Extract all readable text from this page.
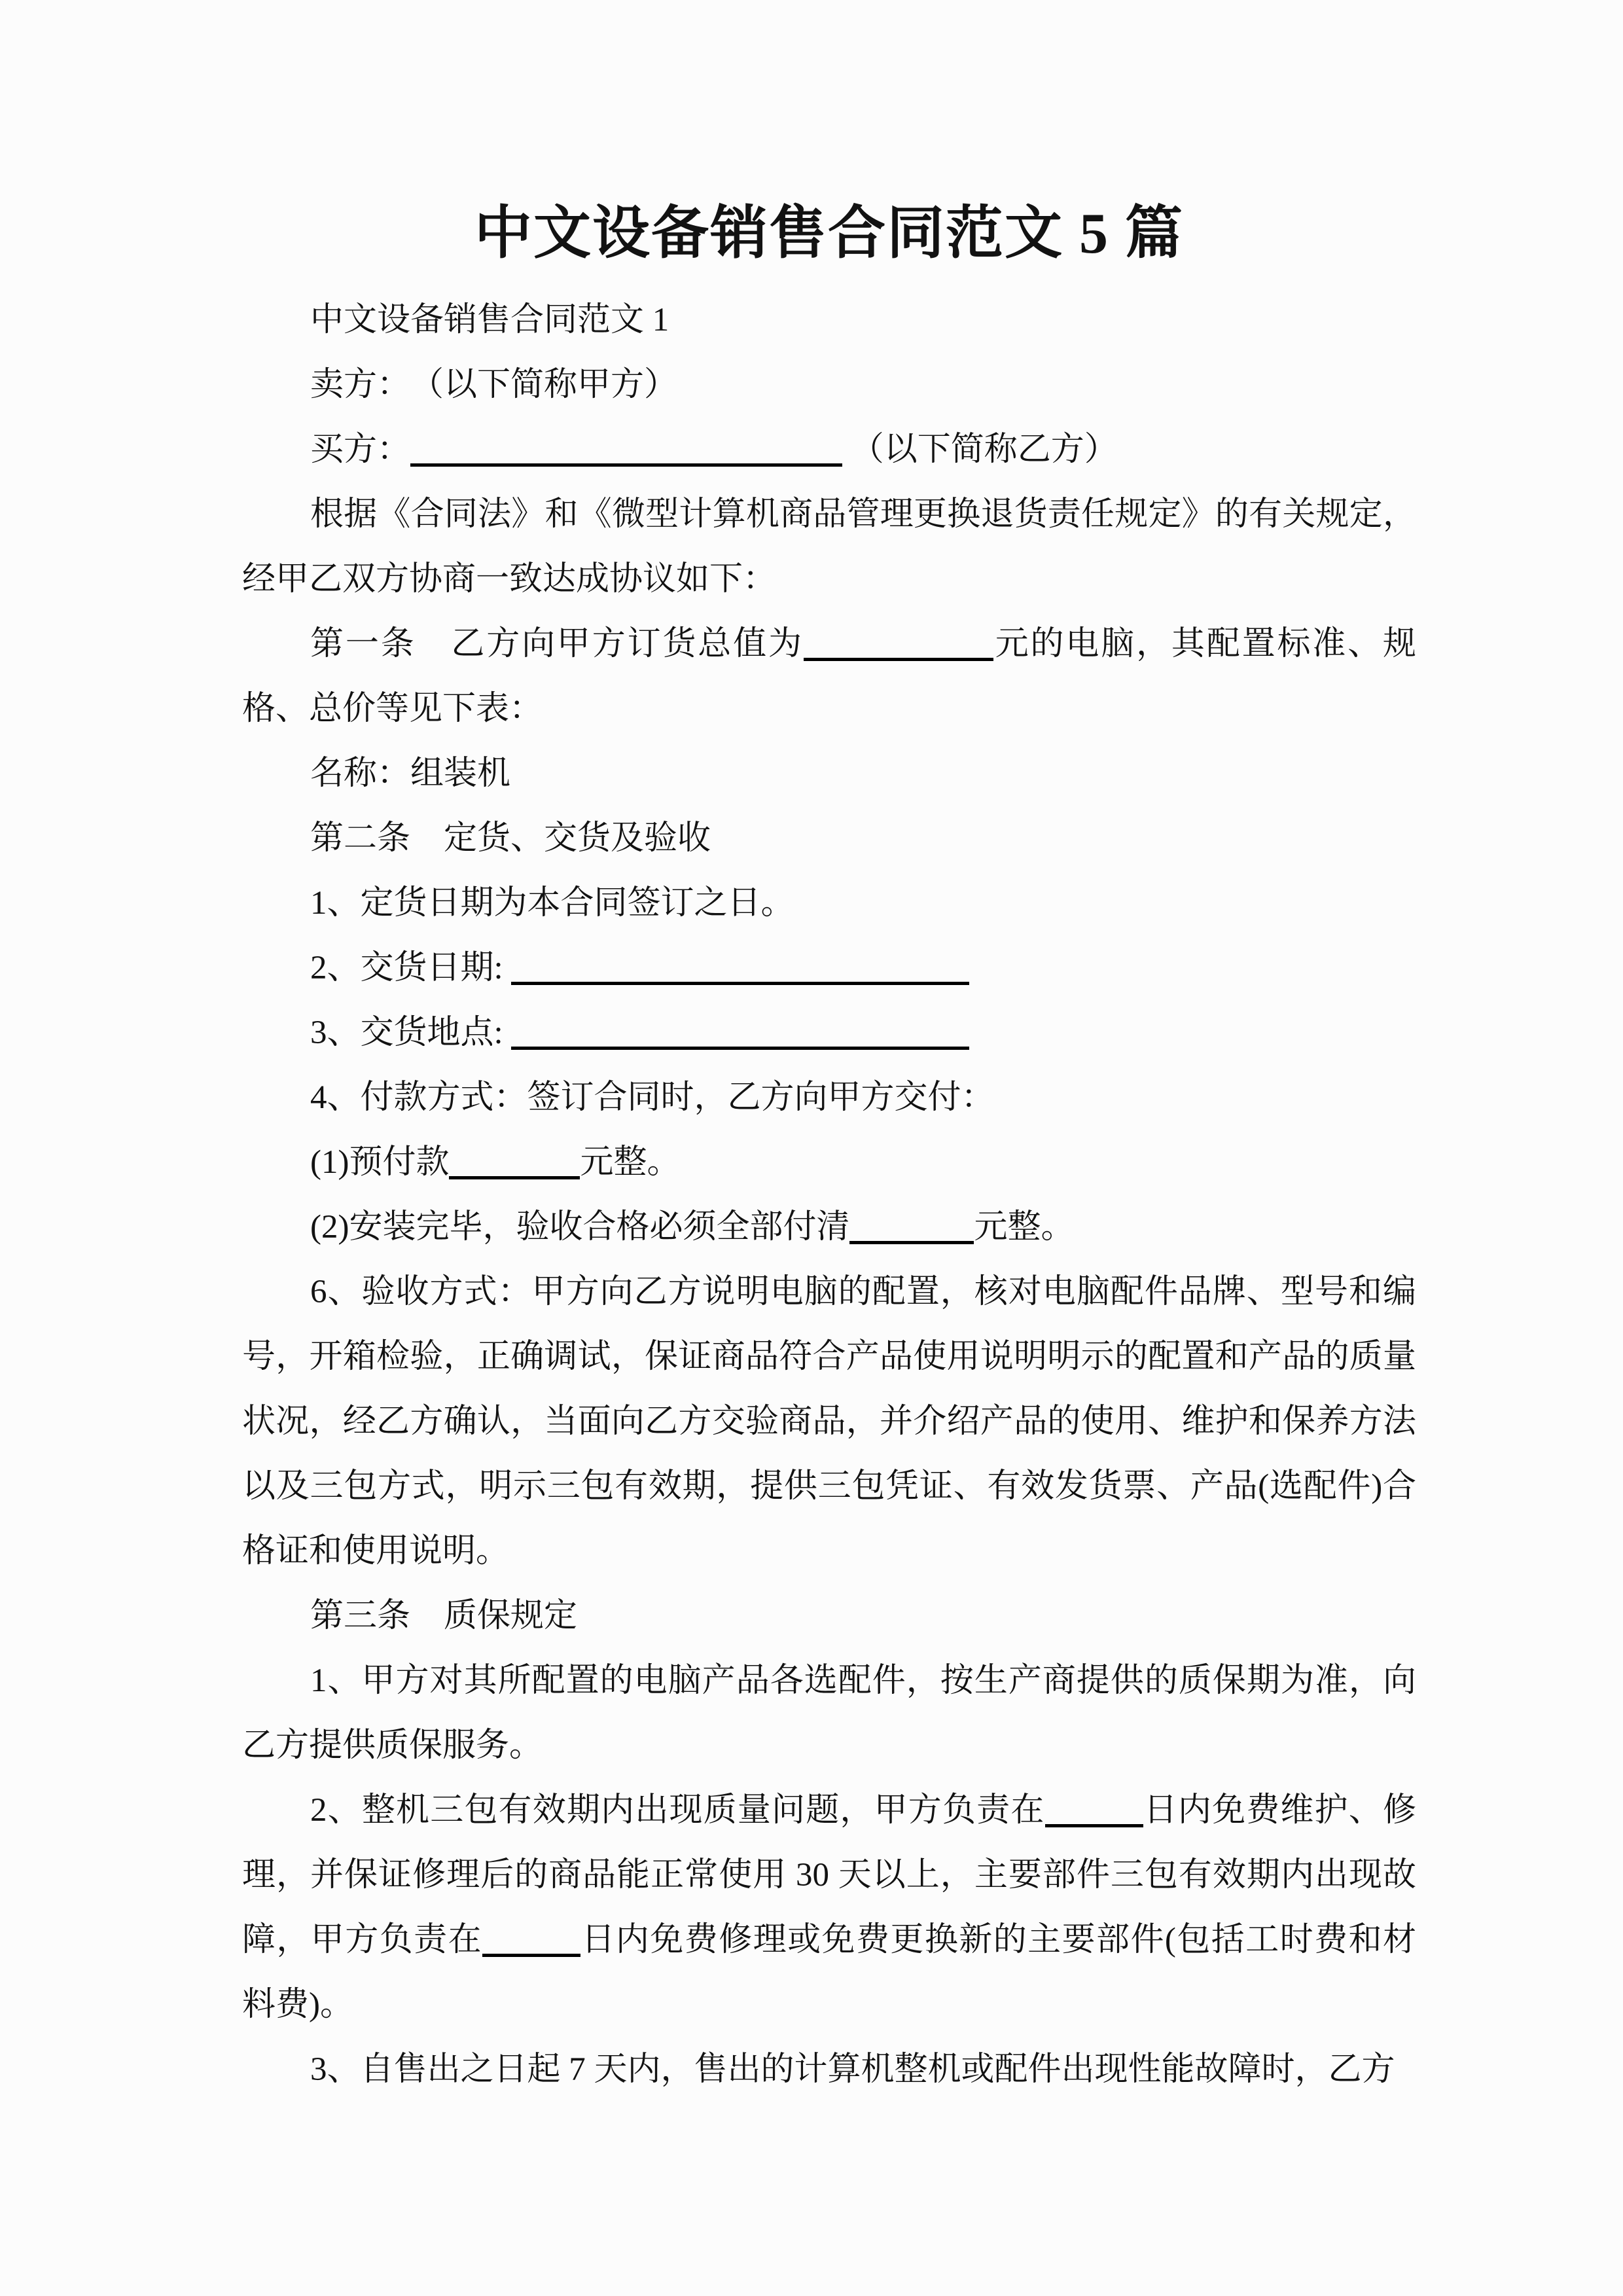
中文设备销售合同范文 5 篇

中文设备销售合同范文 1

卖方：　（以下简称甲方）

买方：	（以下简称乙方）

根据《合同法》和《微型计算机商品管理更换退货责任规定》的有关规定，经甲乙双方协商一致达成协议如下：

第一条　乙方向甲方订货总值为	元的电脑，其配置标准、规格、总价等见下表：

名称：组装机

第二条　定货、交货及验收

1、定货日期为本合同签订之日。

2、交货日期:

3、交货地点:

4、付款方式：签订合同时，乙方向甲方交付：

(1)预付款	元整。

(2)安装完毕，验收合格必须全部付清	元整。

6、验收方式：甲方向乙方说明电脑的配置，核对电脑配件品牌、型号和编号，开箱检验，正确调试，保证商品符合产品使用说明明示的配置和产品的质量状况，经乙方确认，当面向乙方交验商品，并介绍产品的使用、维护和保养方法以及三包方式，明示三包有效期，提供三包凭证、有效发货票、产品(选配件)合格证和使用说明。

第三条　质保规定

1、甲方对其所配置的电脑产品各选配件，按生产商提供的质保期为准，向乙方提供质保服务。

2、整机三包有效期内出现质量问题，甲方负责在	日内免费维护、修理，并保证修理后的商品能正常使用 30 天以上，主要部件三包有效期内出现故障，甲方负责在	日内免费修理或免费更换新的主要部件(包括工时费和材料费)。

3、自售出之日起 7 天内，售出的计算机整机或配件出现性能故障时，乙方
